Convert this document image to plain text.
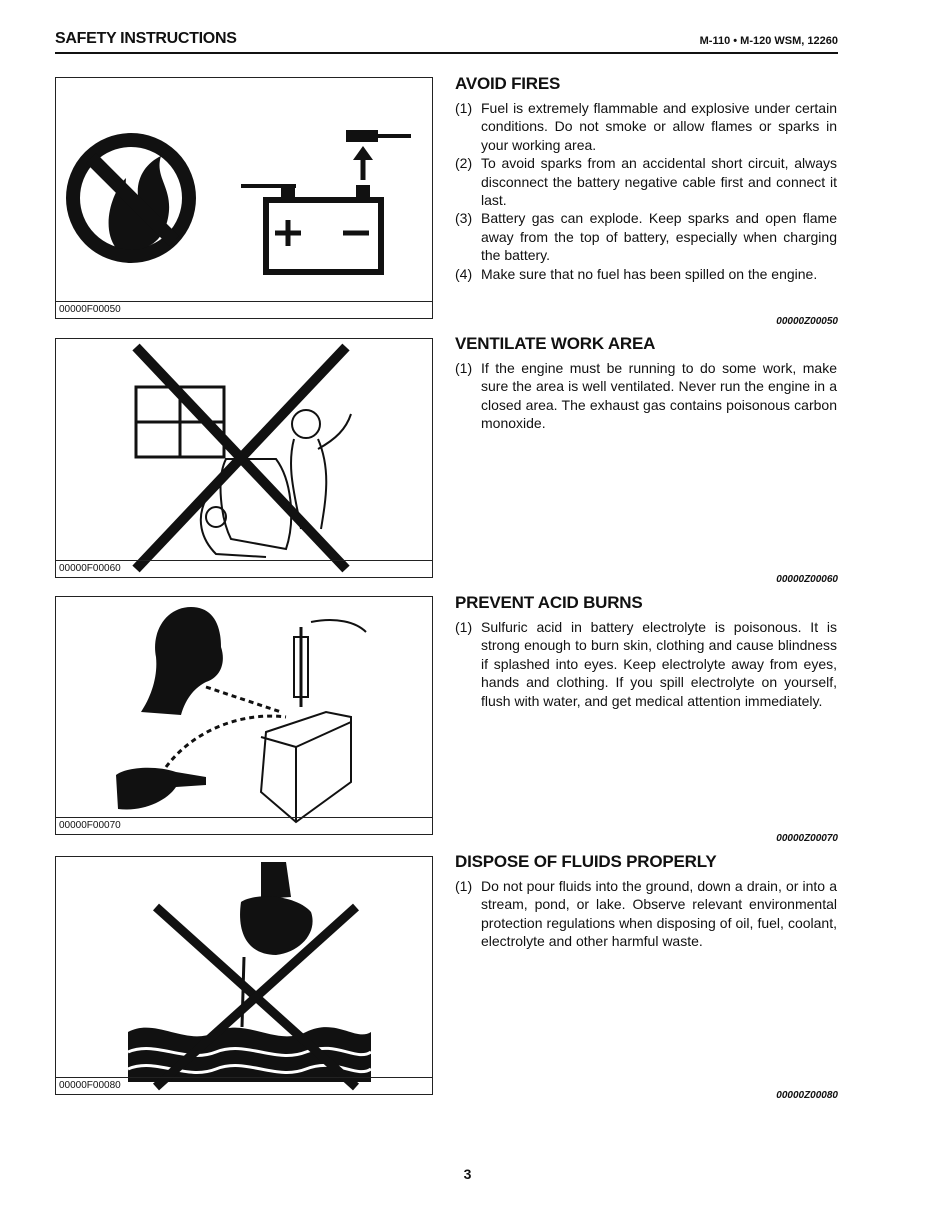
SAFETY INSTRUCTIONS	M-110 • M-120 WSM, 12260
00000F00050
AVOID FIRES
(1) Fuel is extremely flammable and explosive under certain conditions. Do not smoke or allow flames or sparks in your working area.
(2) To avoid sparks from an accidental short circuit, always disconnect the battery negative cable first and connect it last.
(3) Battery gas can explode. Keep sparks and open flame away from the top of battery, especially when charging the battery.
(4) Make sure that no fuel has been spilled on the engine.
00000Z00050
00000F00060
VENTILATE WORK AREA
(1) If the engine must be running to do some work, make sure the area is well ventilated. Never run the engine in a closed area. The exhaust gas contains poisonous carbon monoxide.
00000Z00060
00000F00070
PREVENT ACID BURNS
(1) Sulfuric acid in battery electrolyte is poisonous. It is strong enough to burn skin, clothing and cause blindness if splashed into eyes. Keep electrolyte away from eyes, hands and clothing. If you spill electrolyte on yourself, flush with water, and get medical attention immediately.
00000Z00070
00000F00080
DISPOSE OF FLUIDS PROPERLY
(1) Do not pour fluids into the ground, down a drain, or into a stream, pond, or lake. Observe relevant environmental protection regulations when disposing of oil, fuel, coolant, electrolyte and other harmful waste.
00000Z00080
3
